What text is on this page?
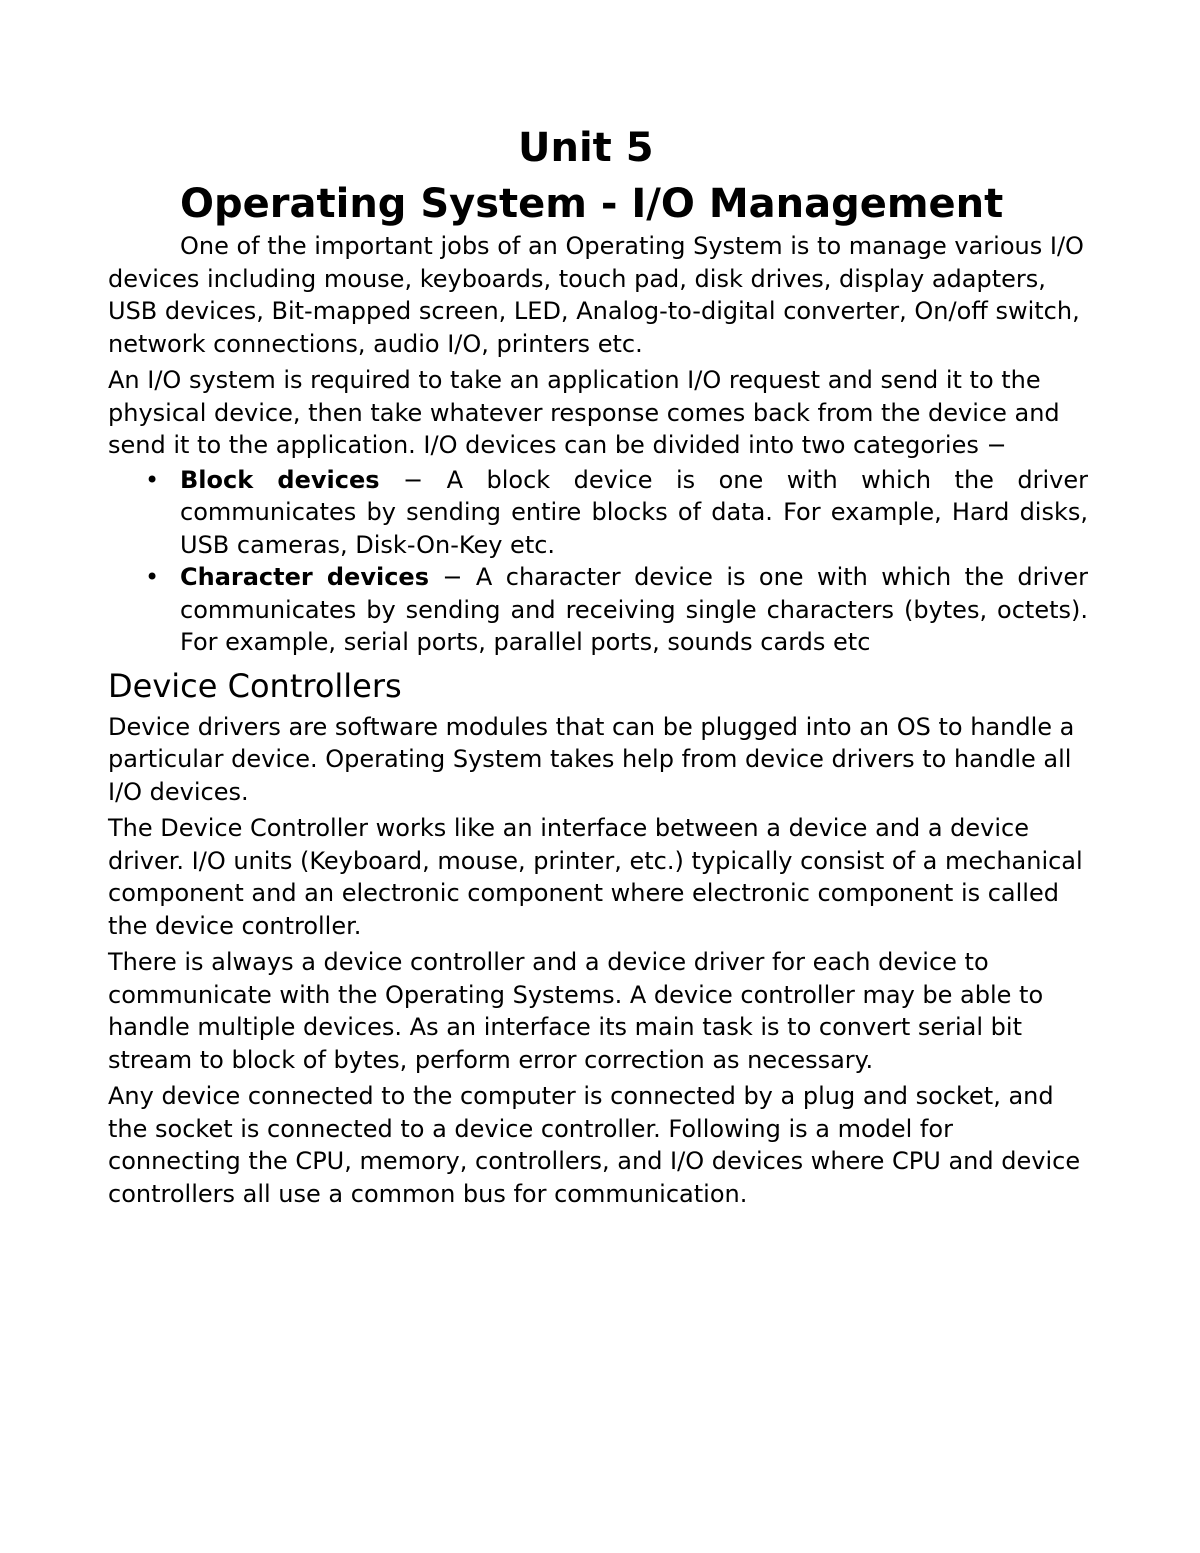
Unit 5
Operating System - I/O Management

One of the important jobs of an Operating System is to manage various I/O devices including mouse, keyboards, touch pad, disk drives, display adapters, USB devices, Bit-mapped screen, LED, Analog-to-digital converter, On/off switch, network connections, audio I/O, printers etc.

An I/O system is required to take an application I/O request and send it to the physical device, then take whatever response comes back from the device and send it to the application. I/O devices can be divided into two categories −

• Block devices − A block device is one with which the driver communicates by sending entire blocks of data. For example, Hard disks, USB cameras, Disk-On-Key etc.
• Character devices − A character device is one with which the driver communicates by sending and receiving single characters (bytes, octets). For example, serial ports, parallel ports, sounds cards etc
Device Controllers

Device drivers are software modules that can be plugged into an OS to handle a particular device. Operating System takes help from device drivers to handle all I/O devices.

The Device Controller works like an interface between a device and a device driver. I/O units (Keyboard, mouse, printer, etc.) typically consist of a mechanical component and an electronic component where electronic component is called the device controller.

There is always a device controller and a device driver for each device to communicate with the Operating Systems. A device controller may be able to handle multiple devices. As an interface its main task is to convert serial bit stream to block of bytes, perform error correction as necessary.

Any device connected to the computer is connected by a plug and socket, and the socket is connected to a device controller. Following is a model for connecting the CPU, memory, controllers, and I/O devices where CPU and device controllers all use a common bus for communication.
